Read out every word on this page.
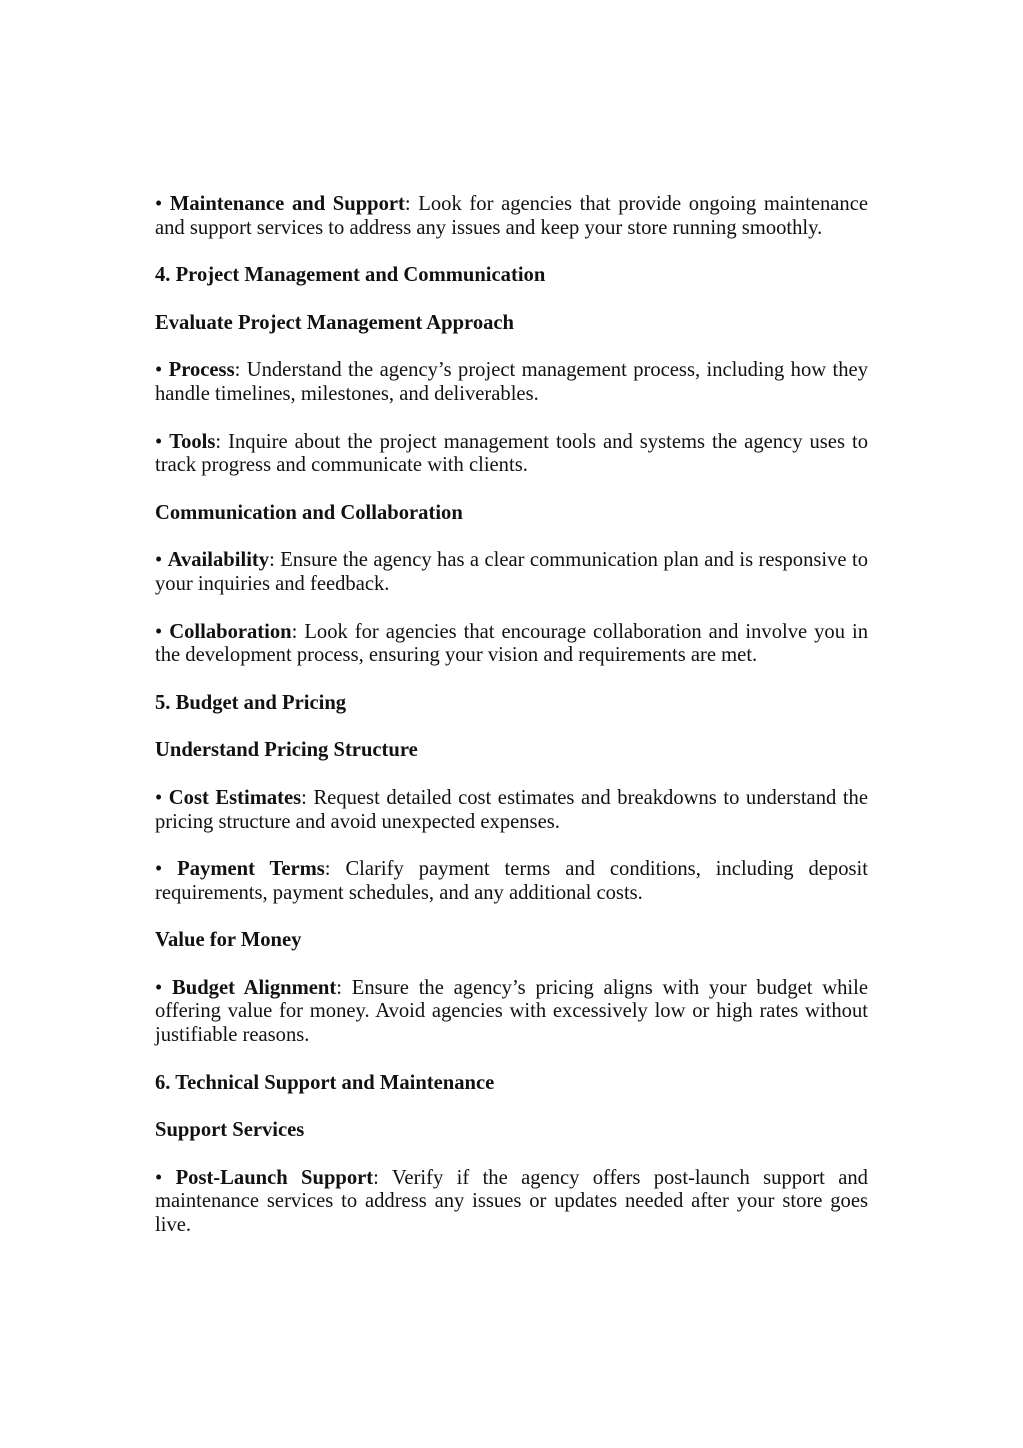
• Maintenance and Support: Look for agencies that provide ongoing maintenance and support services to address any issues and keep your store running smoothly.

4. Project Management and Communication

Evaluate Project Management Approach

• Process: Understand the agency’s project management process, including how they handle timelines, milestones, and deliverables.

• Tools: Inquire about the project management tools and systems the agency uses to track progress and communicate with clients.

Communication and Collaboration

• Availability: Ensure the agency has a clear communication plan and is responsive to your inquiries and feedback.

• Collaboration: Look for agencies that encourage collaboration and involve you in the development process, ensuring your vision and requirements are met.

5. Budget and Pricing

Understand Pricing Structure

• Cost Estimates: Request detailed cost estimates and breakdowns to understand the pricing structure and avoid unexpected expenses.

• Payment Terms: Clarify payment terms and conditions, including deposit requirements, payment schedules, and any additional costs.

Value for Money

• Budget Alignment: Ensure the agency’s pricing aligns with your budget while offering value for money. Avoid agencies with excessively low or high rates without justifiable reasons.

6. Technical Support and Maintenance

Support Services

• Post-Launch Support: Verify if the agency offers post-launch support and maintenance services to address any issues or updates needed after your store goes live.
